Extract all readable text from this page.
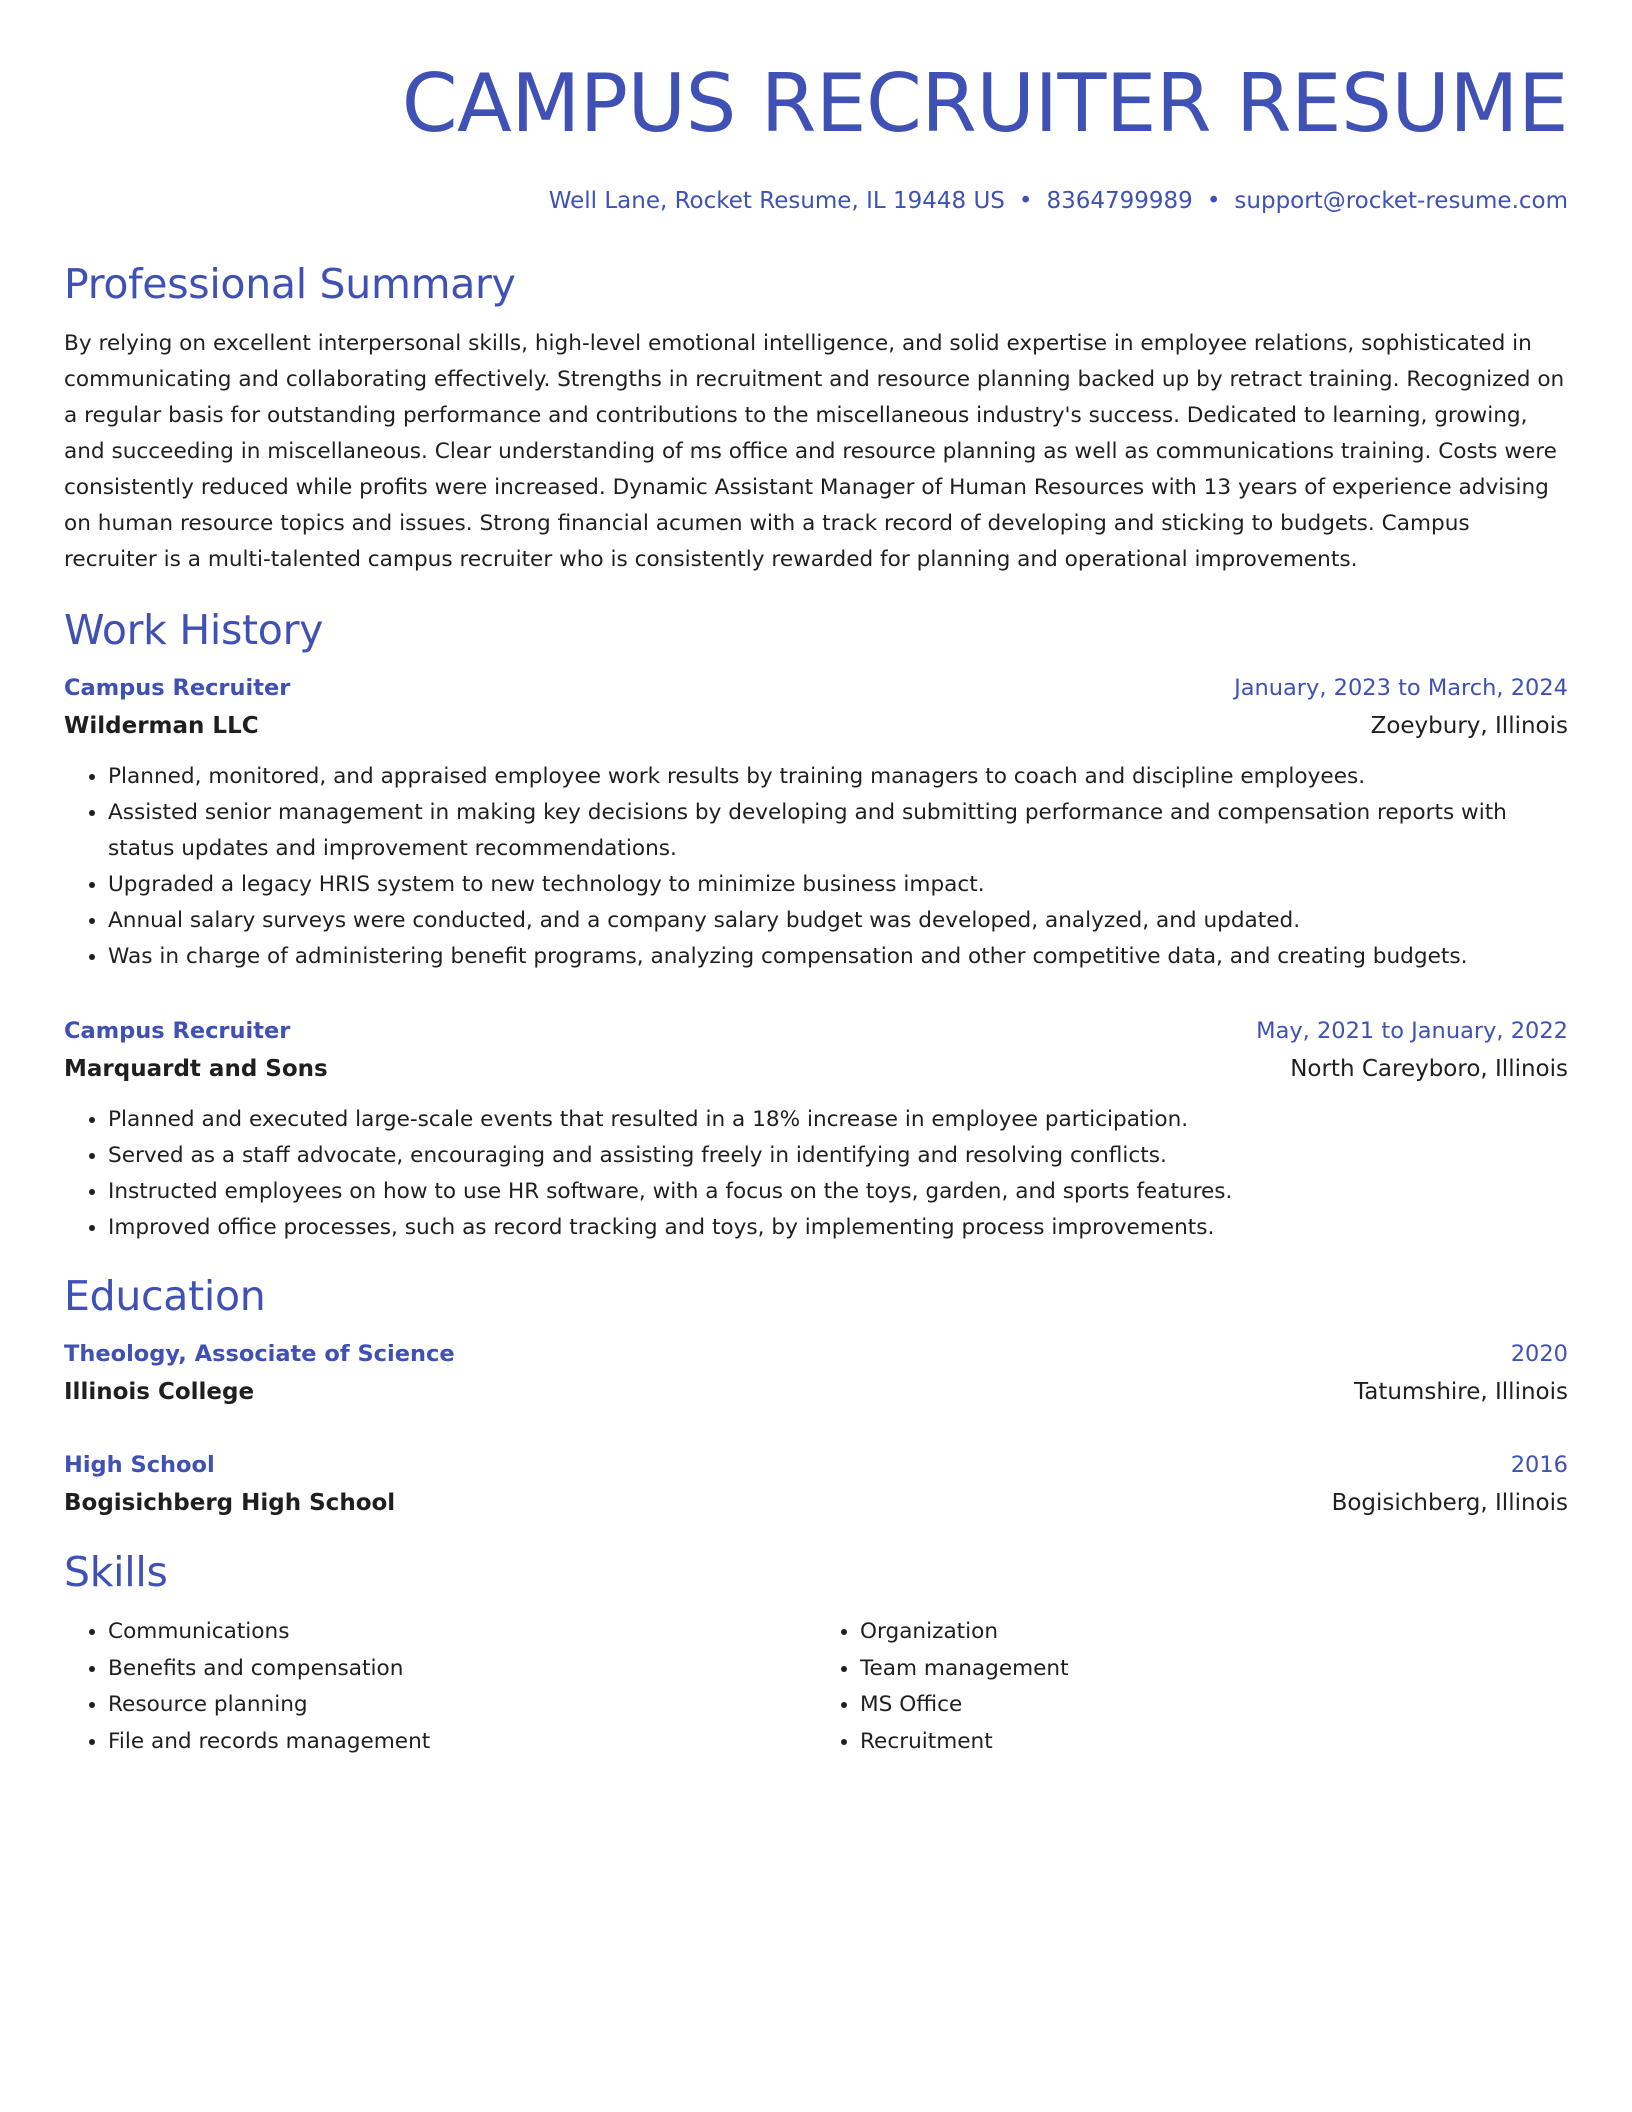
CAMPUS RECRUITER RESUME
Well Lane, Rocket Resume, IL 19448 US • 8364799989 • support@rocket-resume.com
Professional Summary

By relying on excellent interpersonal skills, high-level emotional intelligence, and solid expertise in employee relations, sophisticated in communicating and collaborating effectively. Strengths in recruitment and resource planning backed up by retract training. Recognized on a regular basis for outstanding performance and contributions to the miscellaneous industry's success. Dedicated to learning, growing, and succeeding in miscellaneous. Clear understanding of ms office and resource planning as well as communications training. Costs were consistently reduced while profits were increased. Dynamic Assistant Manager of Human Resources with 13 years of experience advising on human resource topics and issues. Strong financial acumen with a track record of developing and sticking to budgets. Campus recruiter is a multi-talented campus recruiter who is consistently rewarded for planning and operational improvements.

Work History
Campus Recruiter	January, 2023 to March, 2024
Wilderman LLC	Zoeybury, Illinois
• Planned, monitored, and appraised employee work results by training managers to coach and discipline employees.
• Assisted senior management in making key decisions by developing and submitting performance and compensation reports with status updates and improvement recommendations.
• Upgraded a legacy HRIS system to new technology to minimize business impact.
• Annual salary surveys were conducted, and a company salary budget was developed, analyzed, and updated.
• Was in charge of administering benefit programs, analyzing compensation and other competitive data, and creating budgets.
Campus Recruiter	May, 2021 to January, 2022
Marquardt and Sons	North Careyboro, Illinois
• Planned and executed large-scale events that resulted in a 18% increase in employee participation.
• Served as a staff advocate, encouraging and assisting freely in identifying and resolving conflicts.
• Instructed employees on how to use HR software, with a focus on the toys, garden, and sports features.
• Improved office processes, such as record tracking and toys, by implementing process improvements.
Education
Theology, Associate of Science	2020
Illinois College	Tatumshire, Illinois
High School	2016
Bogisichberg High School	Bogisichberg, Illinois
Skills
• Communications
• Benefits and compensation
• Resource planning
• File and records management
• Organization
• Team management
• MS Office
• Recruitment
